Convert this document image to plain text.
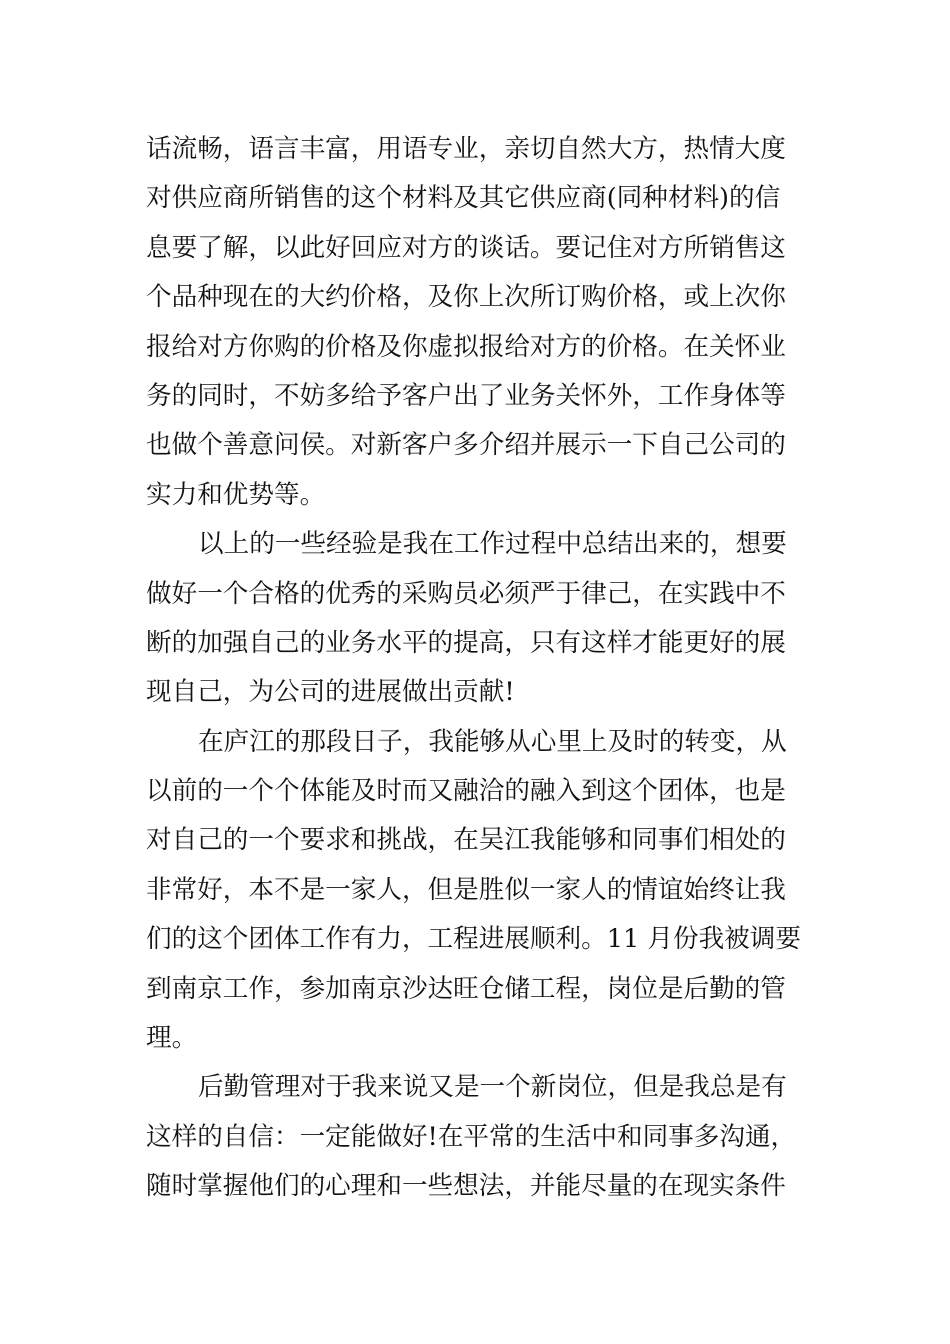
话流畅，语言丰富，用语专业，亲切自然大方，热情大度
对供应商所销售的这个材料及其它供应商(同种材料)的信
息要了解，以此好回应对方的谈话。要记住对方所销售这
个品种现在的大约价格，及你上次所订购价格，或上次你
报给对方你购的价格及你虚拟报给对方的价格。在关怀业
务的同时，不妨多给予客户出了业务关怀外，工作身体等
也做个善意问侯。对新客户多介绍并展示一下自己公司的
实力和优势等。
以上的一些经验是我在工作过程中总结出来的，想要
做好一个合格的优秀的采购员必须严于律己，在实践中不
断的加强自己的业务水平的提高，只有这样才能更好的展
现自己，为公司的进展做出贡献!
在庐江的那段日子，我能够从心里上及时的转变，从
以前的一个个体能及时而又融洽的融入到这个团体，也是
对自己的一个要求和挑战，在吴江我能够和同事们相处的
非常好，本不是一家人，但是胜似一家人的情谊始终让我
们的这个团体工作有力，工程进展顺利。11 月份我被调要
到南京工作，参加南京沙达旺仓储工程，岗位是后勤的管
理。
后勤管理对于我来说又是一个新岗位，但是我总是有
这样的自信：一定能做好!在平常的生活中和同事多沟通，
随时掌握他们的心理和一些想法，并能尽量的在现实条件
